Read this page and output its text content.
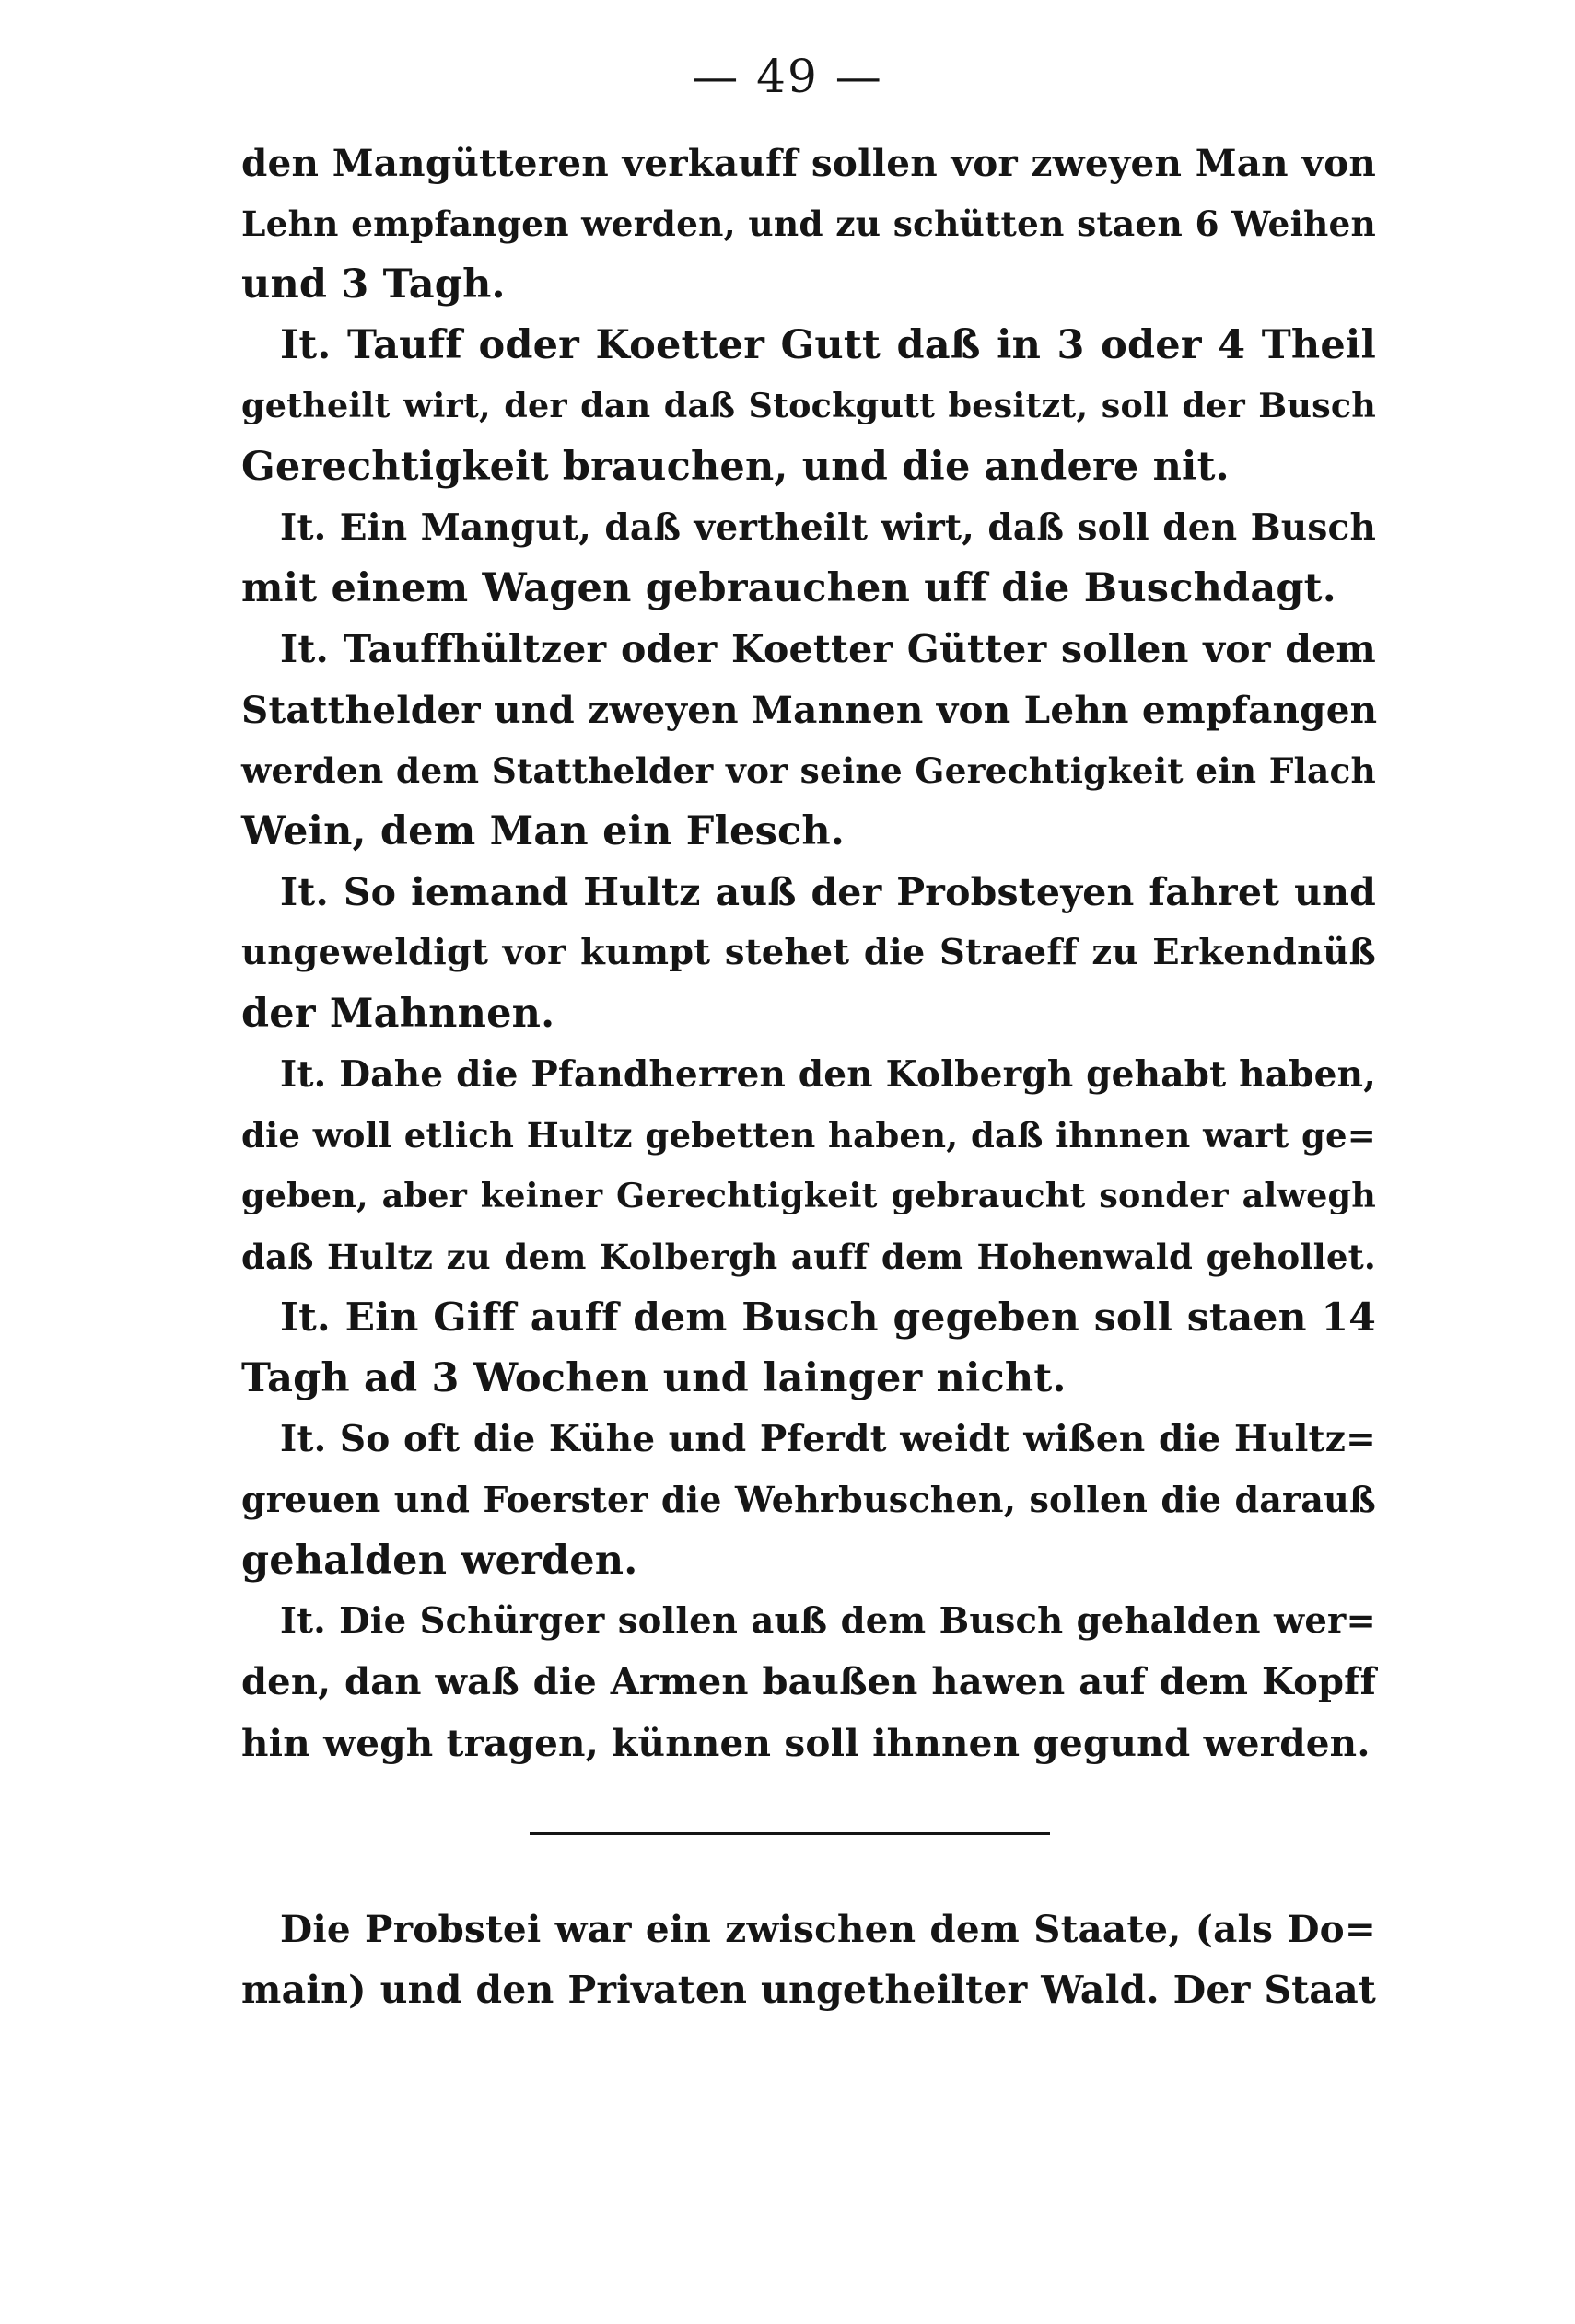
— 49 —
den Mangütteren verkauff sollen vor zweyen Man von
Lehn empfangen werden, und zu schütten staen 6 Weihen
und 3 Tagh.
It. Tauff oder Koetter Gutt daß in 3 oder 4 Theil
getheilt wirt, der dan daß Stockgutt besitzt, soll der Busch
Gerechtigkeit brauchen, und die andere nit.
It. Ein Mangut, daß vertheilt wirt, daß soll den Busch
mit einem Wagen gebrauchen uff die Buschdagt.
It. Tauffhültzer oder Koetter Gütter sollen vor dem
Statthelder und zweyen Mannen von Lehn empfangen
werden dem Statthelder vor seine Gerechtigkeit ein Flach
Wein, dem Man ein Flesch.
It. So iemand Hultz auß der Probsteyen fahret und
ungeweldigt vor kumpt stehet die Straeff zu Erkendnüß
der Mahnnen.
It. Dahe die Pfandherren den Kolbergh gehabt haben,
die woll etlich Hultz gebetten haben, daß ihnnen wart ge=
geben, aber keiner Gerechtigkeit gebraucht sonder alwegh
daß Hultz zu dem Kolbergh auff dem Hohenwald gehollet.
It. Ein Giff auff dem Busch gegeben soll staen 14
Tagh ad 3 Wochen und lainger nicht.
It. So oft die Kühe und Pferdt weidt wißen die Hultz=
greuen und Foerster die Wehrbuschen, sollen die darauß
gehalden werden.
It. Die Schürger sollen auß dem Busch gehalden wer=
den, dan waß die Armen baußen hawen auf dem Kopff
hin wegh tragen, künnen soll ihnnen gegund werden.
Die Probstei war ein zwischen dem Staate, (als Do=
main) und den Privaten ungetheilter Wald. Der Staat
